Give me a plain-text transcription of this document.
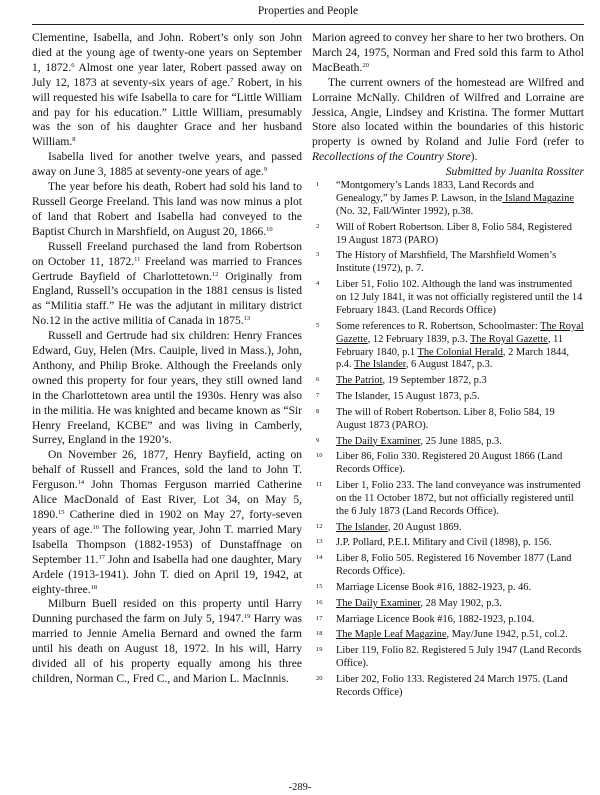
Properties and People

Clementine, Isabella, and John. Robert’s only son John died at the young age of twenty-one years on September 1, 1872.$^6$ Almost one year later, Robert passed away on July 12, 1873 at seventy-six years of age.$^7$ Robert, in his will requested his wife Isabella to care for “Little William and pay for his education.” Little William, presumably was the son of his daughter Grace and her husband William.$^8$

Isabella lived for another twelve years, and passed away on June 3, 1885 at seventy-one years of age.$^9$

The year before his death, Robert had sold his land to Russell George Freeland. This land was now minus a plot of land that Robert and Isabella had conveyed to the Baptist Church in Marshfield, on August 20, 1866.10

Russell Freeland purchased the land from Robertson on October 11, 1872.11 Freeland was married to Frances Gertrude Bayfield of Charlottetown.$^{12}$ Originally from England, Russell’s occupation in the 1881 census is listed as “Militia staff.” He was the adjutant in military district No.12 in the active militia of Canada in 1875.13

Russell and Gertrude had six children: Henry Frances Edward, Guy, Helen (Mrs. Cauiple, lived in Mass.), John, Anthony, and Philip Broke. Although the Freelands only owned this property for four years, they still owned land in the Charlottetown area until the 1930s. Henry was also in the militia. He was knighted and became known as “Sir Henry Freeland, KCBE” and was living in Camberly, Surrey, England in the 1920’s.

On November 26, 1877, Henry Bayfield, acting on behalf of Russell and Frances, sold the land to John T. Ferguson.$^{14}$ John Thomas Ferguson married Catherine Alice MacDonald of East River, Lot 34, on May 5, 1890.15 Catherine died in 1902 on May 27, forty-seven years of age.$^{16}$ The following year, John T. married Mary Isabella Thompson (1882-1953) of Dunstaffnage on September 11.17 John and Isabella had one daughter, Mary Ardele (1913-1941). John T. died on April 19, 1942, at eighty-three.$^{18}$

Milburn Buell resided on this property until Harry Dunning purchased the farm on July 5, 1947.19 Harry was married to Jennie Amelia Bernard and owned the farm until his death on August 18, 1972. In his will, Harry divided all of his property equally among his three children, Norman C., Fred C., and Marion L. MacInnis.

Marion agreed to convey her share to her two brothers. On March 24, 1975, Norman and Fred sold this farm to Athol MacBeath.$^{20}$

The current owners of the homestead are Wilfred and Lorraine McNally. Children of Wilfred and Lorraine are Jessica, Angie, Lindsey and Kristina. The former Muttart Store also located within the boundaries of this historic property is owned by Roland and Julie Ford (refer to Recollections of the Country Store).

Submitted by Juanita Rossiter

1 “Montgomery’s Lands 1833, Land Records and Genealogy,” by James P. Lawson, in the Island Magazine (No. 32, Fall/Winter 1992), p.38.
2 Will of Robert Robertson. Liber 8, Folio 584, Registered 19 August 1873 (PARO)
3 The History of Marshfield, The Marshfield Women’s Institute (1972), p. 7.
4 Liber 51, Folio 102. Although the land was instrumented on 12 July 1841, it was not officially registered until the 14 February 1843. (Land Records Office)
5 Some references to R. Robertson, Schoolmaster: The Royal Gazette, 12 February 1839, p.3. The Royal Gazette, 11 February 1840, p.1 The Colonial Herald, 2 March 1844, p.4. The Islander, 6 August 1847, p.3.
6 The Patriot, 19 September 1872, p.3
7 The Islander, 15 August 1873, p.5.
8 The will of Robert Robertson. Liber 8, Folio 584, 19 August 1873 (PARO).
9 The Daily Examiner, 25 June 1885, p.3.
10 Liber 86, Folio 330. Registered 20 August 1866 (Land Records Office).
11 Liber 1, Folio 233. The land conveyance was instrumented on the 11 October 1872, but not officially registered until the 6 July 1873 (Land Records Office).
12 The Islander, 20 August 1869.
13 J.P. Pollard, P.E.I. Military and Civil (1898), p. 156.
14 Liber 8, Folio 505. Registered 16 November 1877 (Land Records Office).
15 Marriage License Book #16, 1882-1923, p. 46.
16 The Daily Examiner, 28 May 1902, p.3.
17 Marriage Licence Book #16, 1882-1923, p.104.
18 The Maple Leaf Magazine, May/June 1942, p.51, col.2.
19 Liber 119, Folio 82. Registered 5 July 1947 (Land Records Office).
20 Liber 202, Folio 133. Registered 24 March 1975. (Land Records Office)
-289-
